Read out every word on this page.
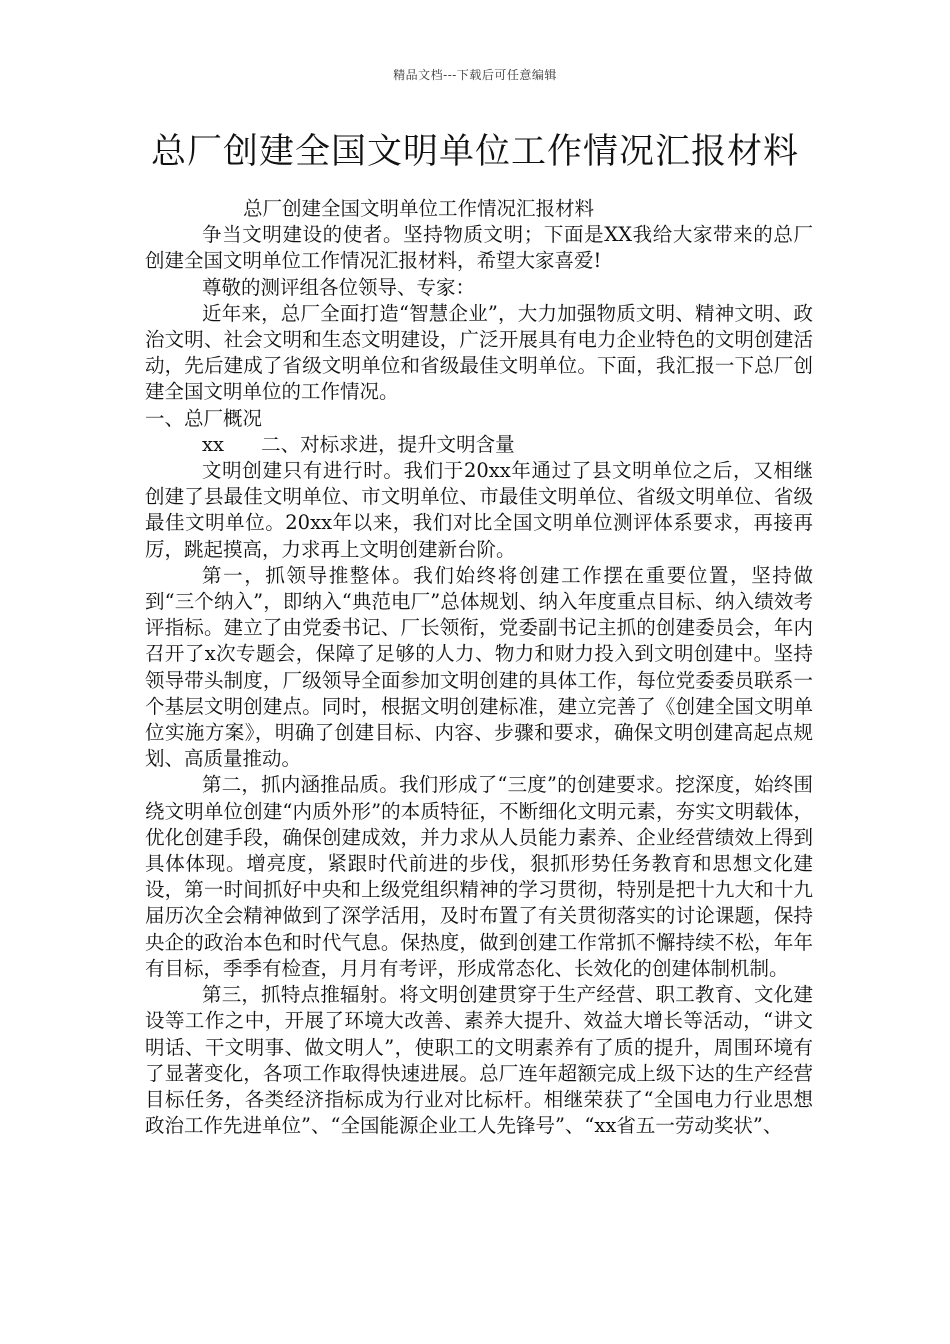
精品文档---下载后可任意编辑
总厂创建全国文明单位工作情况汇报材料

总厂创建全国文明单位工作情况汇报材料

争当文明建设的使者。坚持物质文明；下面是XX我给大家带来的总厂创建全国文明单位工作情况汇报材料，希望大家喜爱!

尊敬的测评组各位领导、专家：

近年来，总厂全面打造“智慧企业”，大力加强物质文明、精神文明、政治文明、社会文明和生态文明建设，广泛开展具有电力企业特色的文明创建活动，先后建成了省级文明单位和省级最佳文明单位。下面，我汇报一下总厂创建全国文明单位的工作情况。

一、总厂概况

xx      二、对标求进，提升文明含量

文明创建只有进行时。我们于20xx年通过了县文明单位之后，又相继创建了县最佳文明单位、市文明单位、市最佳文明单位、省级文明单位、省级最佳文明单位。20xx年以来，我们对比全国文明单位测评体系要求，再接再厉，跳起摸高，力求再上文明创建新台阶。

第一，抓领导推整体。我们始终将创建工作摆在重要位置，坚持做到“三个纳入”，即纳入“典范电厂”总体规划、纳入年度重点目标、纳入绩效考评指标。建立了由党委书记、厂长领衔，党委副书记主抓的创建委员会，年内召开了x次专题会，保障了足够的人力、物力和财力投入到文明创建中。坚持领导带头制度，厂级领导全面参加文明创建的具体工作，每位党委委员联系一个基层文明创建点。同时，根据文明创建标准，建立完善了《创建全国文明单位实施方案》，明确了创建目标、内容、步骤和要求，确保文明创建高起点规划、高质量推动。

第二，抓内涵推品质。我们形成了“三度”的创建要求。挖深度，始终围绕文明单位创建“内质外形”的本质特征，不断细化文明元素，夯实文明载体，优化创建手段，确保创建成效，并力求从人员能力素养、企业经营绩效上得到具体体现。增亮度，紧跟时代前进的步伐，狠抓形势任务教育和思想文化建设，第一时间抓好中央和上级党组织精神的学习贯彻，特别是把十九大和十九届历次全会精神做到了深学活用，及时布置了有关贯彻落实的讨论课题，保持央企的政治本色和时代气息。保热度，做到创建工作常抓不懈持续不松，年年有目标，季季有检查，月月有考评，形成常态化、长效化的创建体制机制。

第三，抓特点推辐射。将文明创建贯穿于生产经营、职工教育、文化建设等工作之中，开展了环境大改善、素养大提升、效益大增长等活动，“讲文明话、干文明事、做文明人”，使职工的文明素养有了质的提升，周围环境有了显著变化，各项工作取得快速进展。总厂连年超额完成上级下达的生产经营目标任务，各类经济指标成为行业对比标杆。相继荣获了“全国电力行业思想政治工作先进单位”、“全国能源企业工人先锋号”、“xx省五一劳动奖状”、
